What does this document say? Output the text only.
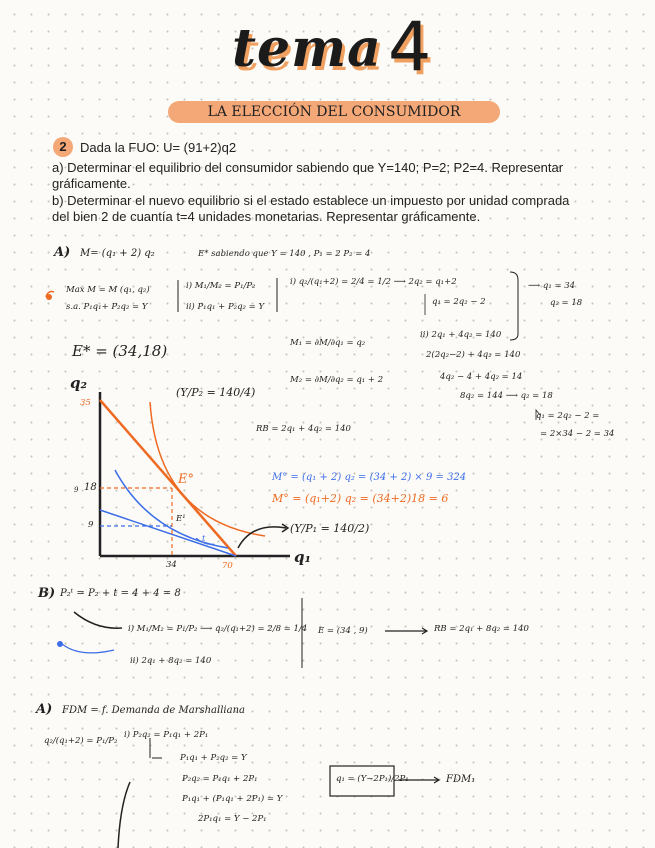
tema 4
LA ELECCIÓN DEL CONSUMIDOR
2	Dada la FUO: U= (91+2)q2
a) Determinar el equilibrio del consumidor sabiendo que Y=140; P=2; P2=4. Representar
gráficamente.
b) Determinar el nuevo equilibrio si el estado establece un impuesto por unidad comprada
del bien 2 de cuantía t=4 unidades monetarias. Representar gráficamente.
A) M= (q₁ + 2) q₂	E* sabiendo que Y = 140 , P₁ = 2 P₂ = 4
Max M = M (q₁, q₂)
s.a. P₁q₁+ P₂q₂ = Y
i) M₁/M₂ = P₁/P₂
ii) P₁q₁ + P₂q₂ = Y
i) q₂/(q₁+2) = 2/4 = 1/2 ⟶ 2q₂ = q₁+2
q₁ = 2q₂ − 2
ii) 2q₁ + 4q₂ = 140
2(2q₂−2) + 4q₂ = 140
4q₂ − 4 + 4q₂ = 14
8q₂ = 144 ⟶ q₂ = 18
q₁ = 2q₂ − 2 =
= 2×34 − 2 = 34
⟶ q₁ = 34
q₂ = 18
M₁ = ∂M/∂q₁ = q₂
M₂ = ∂M/∂q₂ = q₁ + 2
E* = (34,18)
RB = 2q₁ + 4q₂ = 140
M° = (q₁ + 2) q₂ = (34 + 2) × 9 = 324
M° = (q₁+2) q₂ = (34+2)18 = 6
(Y/P₂ = 140/4)
(Y/P₁ = 140/2)
q₂
q₁
35
18
9
9
34	70
E°
E¹
t
B) P₂ᵗ = P₂ + t = 4 + 4 = 8
i) M₁/M₂ = P₁/P₂ ⟶ q₂/(q₁+2) = 2/8 = 1/4
ii) 2q₁ + 8q₂ = 140
E = (34 , 9)	RB = 2q₁ + 8q₂ = 140
A) FDM = f. Demanda de Marshalliana
q₂/(q₁+2) = P₁/P₂
i) P₂q₂ = P₁q₁ + 2P₁
P₁q₁ + P₂q₂ = Y
P₂q₂ = P₁q₁ + 2P₁
P₁q₁ + (P₁q₁ + 2P₁) = Y
2P₁q₁ = Y − 2P₁
q₁ = (Y−2P₁)/2P₁	FDM₁
